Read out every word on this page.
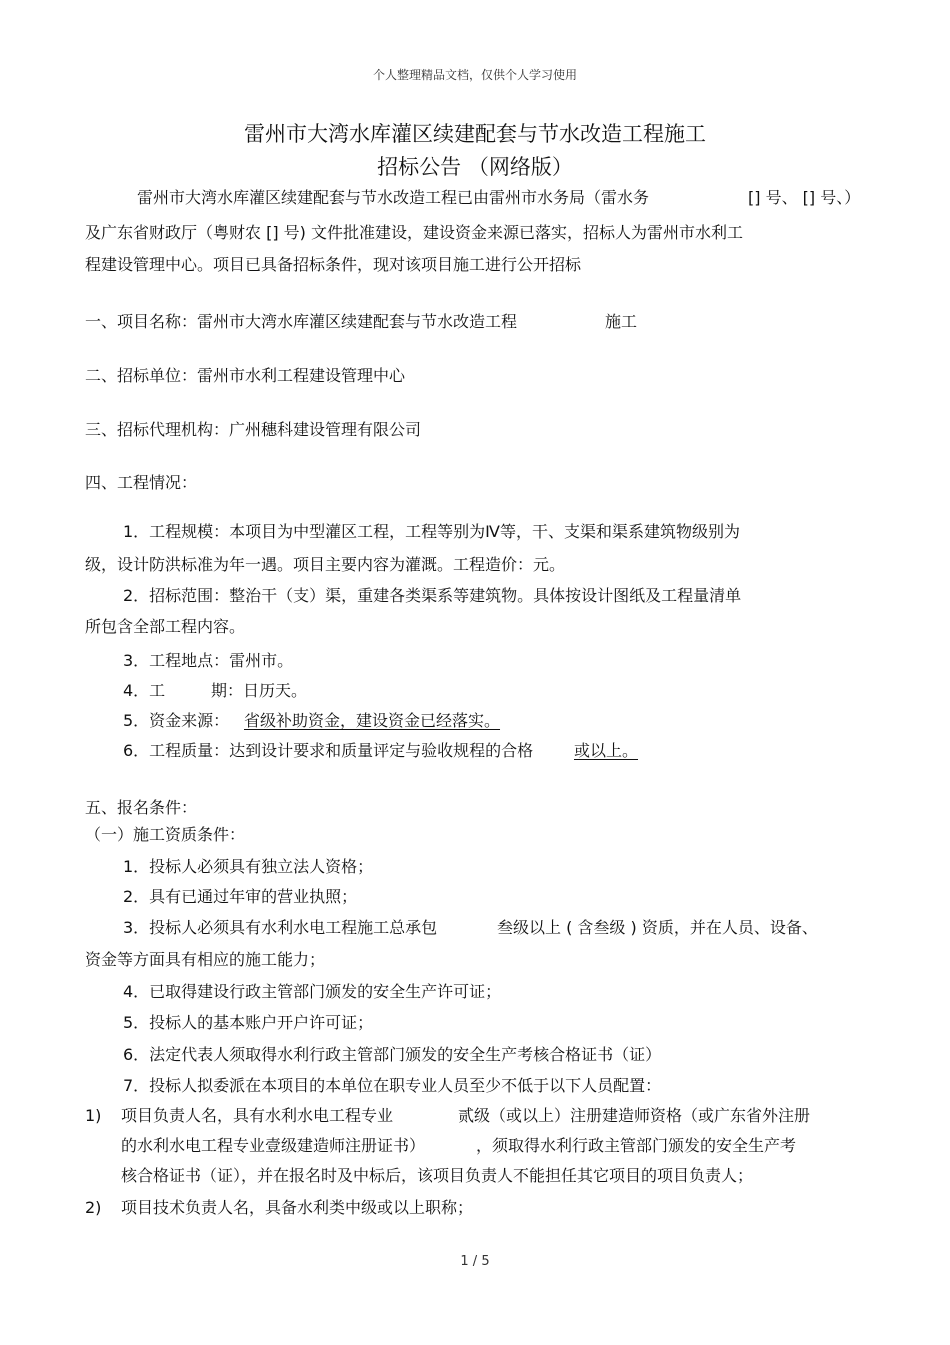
个人整理精品文档，仅供个人学习使用
雷州市大湾水库灌区续建配套与节水改造工程施工
招标公告 （网络版）
雷州市大湾水库灌区续建配套与节水改造工程已由雷州市水务局（雷水务	[] 号、 [] 号、）
及广东省财政厅（粤财农 [] 号) 文件批准建设，建设资金来源已落实，招标人为雷州市水利工
程建设管理中心。项目已具备招标条件，现对该项目施工进行公开招标
一、项目名称：雷州市大湾水库灌区续建配套与节水改造工程	施工
二、招标单位：雷州市水利工程建设管理中心
三、招标代理机构：广州穗科建设管理有限公司
四、工程情况：
1．工程规模：本项目为中型灌区工程，工程等别为Ⅳ等，干、支渠和渠系建筑物级别为
级，设计防洪标准为年一遇。项目主要内容为灌溉。工程造价：元。
2．招标范围：整治干（支）渠，重建各类渠系等建筑物。具体按设计图纸及工程量清单
所包含全部工程内容。
3．工程地点：雷州市。
4．工	期：日历天。
5．资金来源： 省级补助资金，建设资金已经落实。
6．工程质量：达到设计要求和质量评定与验收规程的合格	或以上。
五、报名条件：
（一）施工资质条件：
1．投标人必须具有独立法人资格；
2．具有已通过年审的营业执照；
3．投标人必须具有水利水电工程施工总承包	叁级以上 ( 含叁级 ) 资质，并在人员、设备、
资金等方面具有相应的施工能力；
4．已取得建设行政主管部门颁发的安全生产许可证；
5．投标人的基本账户开户许可证；
6．法定代表人须取得水利行政主管部门颁发的安全生产考核合格证书（证）
7．投标人拟委派在本项目的本单位在职专业人员至少不低于以下人员配置：
1) 项目负责人名，具有水利水电工程专业	贰级（或以上）注册建造师资格（或广东省外注册
的水利水电工程专业壹级建造师注册证书）	，须取得水利行政主管部门颁发的安全生产考
核合格证书（证），并在报名时及中标后，该项目负责人不能担任其它项目的项目负责人；
2) 项目技术负责人名，具备水利类中级或以上职称；
1 / 5
